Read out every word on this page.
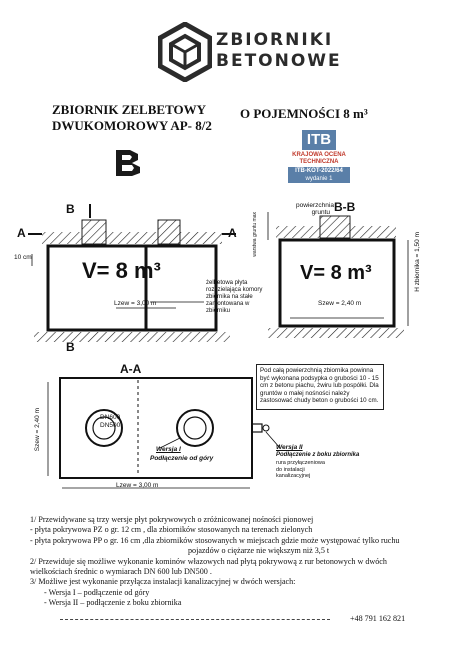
ZBIORNIKI
BETONOWE
ZBIORNIK ZELBETOWY
DWUKOMOROWY AP- 8/2
O POJEMNOŚCI 8 m³
ITB
KRAJOWA OCENA
TECHNICZNA
ITB-KOT-2022/64
wydanie 1
B
A	A
V= 8 m³
10 cm
Lzew = 3,00 m
żelbetowa płyta rozdzielająca komory zbiornika na stałe zamontowana w zbiorniku
B-B
powierzchnia gruntu
warstwa gruntu max
V= 8 m³	H zbiornika = 1,50 m
Szew = 2,40 m
B
Pod całą powierzchnią zbiornika powinna być wykonana podsypka o grubości 10 - 15 cm z betonu piachu, żwiru lub pospółki. Dla gruntów o małej nośności należy zastosować chudy beton o grubości 10 cm.
A-A
DN600
DN500
Szew = 2,40 m
Lzew = 3,00 m
Wersja I
Podłączenie od góry
Wersja II
Podłączenie z boku zbiornika
rura przyłączeniowa do instalacji kanalizacyjnej
1/ Przewidywane są trzy wersje płyt pokrywowych o zróżnicowanej nośności pionowej
- płyta pokrywowa PZ o gr. 12 cm , dla zbiorników stosowanych na terenach zielonych
- płyta pokrywowa PP o gr. 16 cm ,dla zbiorników stosowanych w miejscach gdzie może występować tylko ruchu
pojazdów o ciężarze nie większym niż 3,5 t
2/ Przewiduje się możliwe wykonanie kominów włazowych nad płytą pokrywową z rur betonowych w dwóch
wielkościach średnic o wymiarach DN 600 lub DN500 .
3/ Możliwe jest wykonanie przyłącza instalacji kanalizacyjnej w dwóch wersjach:
- Wersja I – podłączenie od góry
- Wersja II – podłączenie z boku zbiornika
+48 791 162 821
